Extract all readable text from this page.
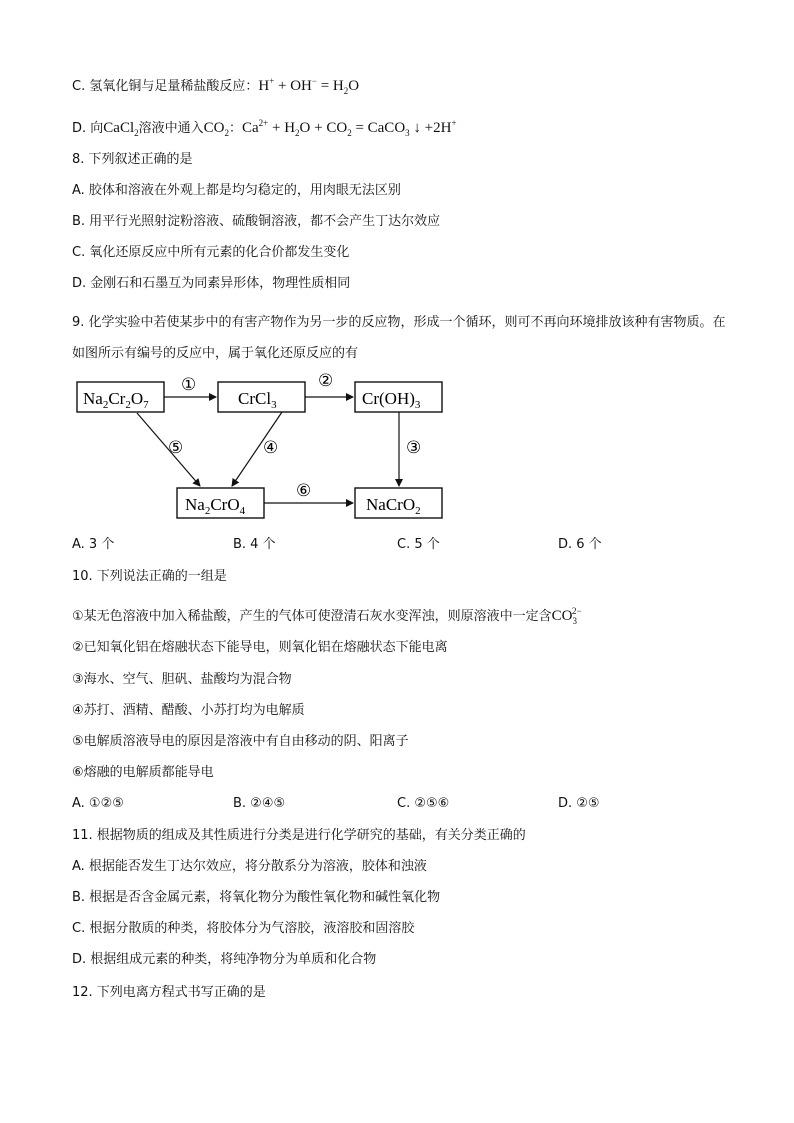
C. 氢氧化铜与足量稀盐酸反应：$H^+ + OH^- = H_2O$
D. 向CaCl$_2$溶液中通入$CO_2$：$Ca^{2+} + H_2O + CO_2$ = CaCO$_3$ ↓ +2H+
8. 下列叙述正确的是
A. 胶体和溶液在外观上都是均匀稳定的，用肉眼无法区别
B. 用平行光照射淀粉溶液、硫酸铜溶液，都不会产生丁达尔效应
C. 氧化还原反应中所有元素的化合价都发生变化
D. 金刚石和石墨互为同素异形体，物理性质相同
9. 化学实验中若使某步中的有害产物作为另一步的反应物，形成一个循环，则可不再向环境排放该种有害物质。在如图所示有编号的反应中，属于氧化还原反应的有
$Na_2Cr_2O_7$	CrCl$_3$	$Cr(OH)_3$
$Na_2CrO_4$	NaCrO$_2$
①	②
③
④
⑤
⑥
A. 3 个	B. 4 个	C. 5 个	D. 6 个
10. 下列说法正确的一组是
①某无色溶液中加入稀盐酸，产生的气体可使澄清石灰水变浑浊，则原溶液中一定含$CO_3^{2-}$
②已知氧化铝在熔融状态下能导电，则氧化铝在熔融状态下能电离
③海水、空气、胆矾、盐酸均为混合物
④苏打、酒精、醋酸、小苏打均为电解质
⑤电解质溶液导电的原因是溶液中有自由移动的阴、阳离子
⑥熔融的电解质都能导电
A. ①②⑤	B. ②④⑤	C. ②⑤⑥	D. ②⑤
11. 根据物质的组成及其性质进行分类是进行化学研究的基础，有关分类正确的
A. 根据能否发生丁达尔效应，将分散系分为溶液，胶体和浊液
B. 根据是否含金属元素，将氧化物分为酸性氧化物和碱性氧化物
C. 根据分散质的种类，将胶体分为气溶胶，液溶胶和固溶胶
D. 根据组成元素的种类，将纯净物分为单质和化合物
12. 下列电离方程式书写正确的是
